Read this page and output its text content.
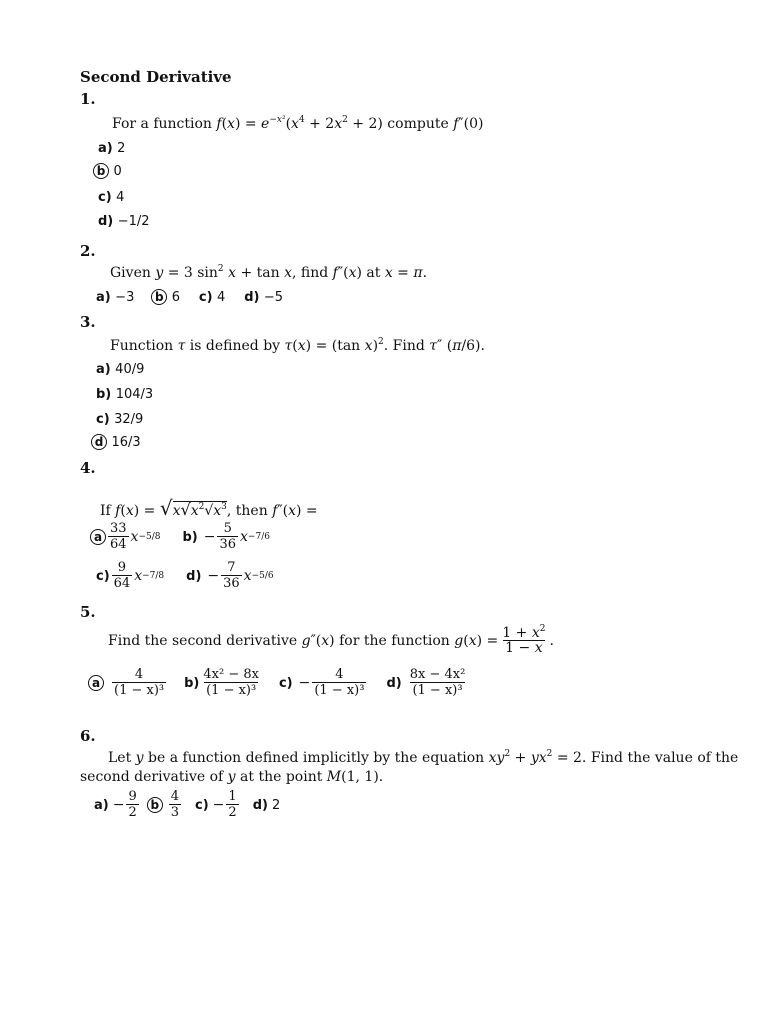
Second Derivative
1.
For a function $f(x) = e^{-x^2}(x^4 + 2x^2 + 2)$ compute f″(0)
a) 2
b 0
c) 4
d) −1/2
2.
Given y = 3 $\sin^2 x + \tan x$, find f″(x) at x = π.
a) −3 b 6 c) 4 d) −5
3.
Function τ is defined by τ(x) = (tan x)$^2$. Find τ″ (π/6).
a) 40/9
b) 104/3
c) 32/9
d 16/3
4.
If $f(x) = √x√x^2√x^3$, then f″(x) =
a $\frac{33}{64}$ x −5/8 $b) - \frac{5}{36}$ x −7/6
$c) \frac{9}{64}$ x −7/8 $d) - \frac{7}{36}$ x −5/6
5.
Find the second derivative g″(x) for the function $g(x) = \frac{1 + x^2}{1 - x}$ .
a $\frac{4}{\text{(1 − x)³}} b) \frac{\text{4x² − 8x}}{\text{(1 − x)³}} c) - \frac{4}{\text{(1 − x)³}} d) \frac{\text{8x − 4x²}}{\text{(1 − x)³}}$
6.
Let y be a function defined implicitly by the equation $xy^2 + yx^2 = 2$. Find the value of the
second derivative of y at the point M(1, 1).
$a) - \frac{9}{2}$ b $\frac{4}{3} c) - \frac{1}{2} d$) 2
